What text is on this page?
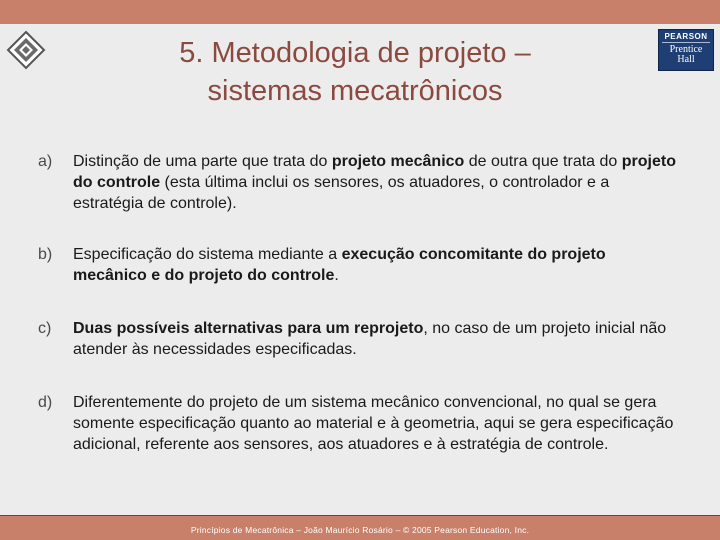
5. Metodologia de projeto –
sistemas mecatrônicos
PEARSON
Prentice
Hall
a) Distinção de uma parte que trata do projeto mecânico de outra que trata do projeto do controle (esta última inclui os sensores, os atuadores, o controlador e a estratégia de controle).
b) Especificação do sistema mediante a execução concomitante do projeto mecânico e do projeto do controle.
c) Duas possíveis alternativas para um reprojeto, no caso de um projeto inicial não atender às necessidades especificadas.
d) Diferentemente do projeto de um sistema mecânico convencional, no qual se gera somente especificação quanto ao material e à geometria, aqui se gera especificação adicional, referente aos sensores, aos atuadores e à estratégia de controle.
Princípios de Mecatrônica – João Maurício Rosário – © 2005 Pearson Education, Inc.
